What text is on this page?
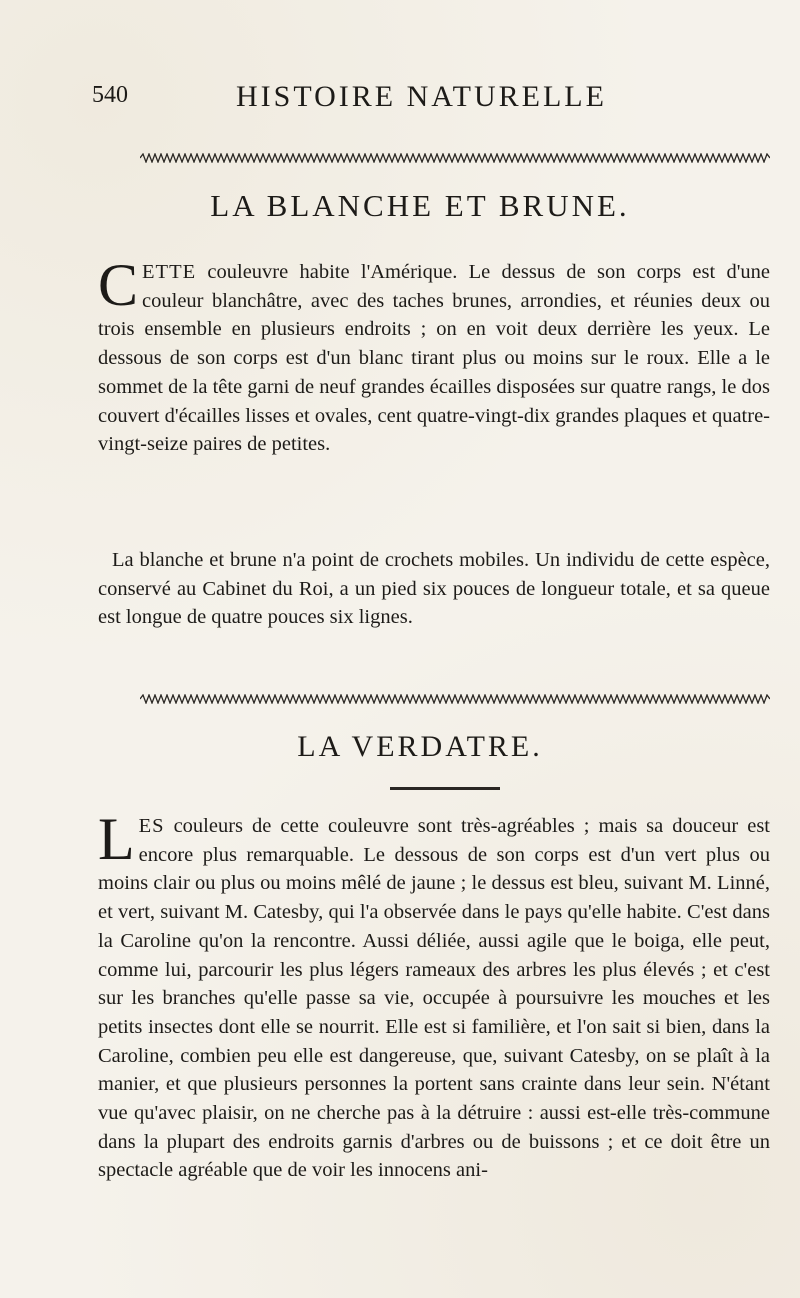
540	HISTOIRE NATURELLE
LA BLANCHE ET BRUNE.

CETTE couleuvre habite l'Amérique. Le dessus de son corps est d'une couleur blanchâtre, avec des taches brunes, arrondies, et réunies deux ou trois ensemble en plusieurs endroits ; on en voit deux derrière les yeux. Le dessous de son corps est d'un blanc tirant plus ou moins sur le roux. Elle a le sommet de la tête garni de neuf grandes écailles disposées sur quatre rangs, le dos couvert d'écailles lisses et ovales, cent quatre-vingt-dix grandes plaques et quatre-vingt-seize paires de petites.

La blanche et brune n'a point de crochets mobiles. Un individu de cette espèce, conservé au Cabinet du Roi, a un pied six pouces de longueur totale, et sa queue est longue de quatre pouces six lignes.

LA VERDATRE.

LES couleurs de cette couleuvre sont très-agréables ; mais sa douceur est encore plus remarquable. Le dessous de son corps est d'un vert plus ou moins clair ou plus ou moins mêlé de jaune ; le dessus est bleu, suivant M. Linné, et vert, suivant M. Catesby, qui l'a observée dans le pays qu'elle habite. C'est dans la Caroline qu'on la rencontre. Aussi déliée, aussi agile que le boiga, elle peut, comme lui, parcourir les plus légers rameaux des arbres les plus élevés ; et c'est sur les branches qu'elle passe sa vie, occupée à poursuivre les mouches et les petits insectes dont elle se nourrit. Elle est si familière, et l'on sait si bien, dans la Caroline, combien peu elle est dangereuse, que, suivant Catesby, on se plaît à la manier, et que plusieurs personnes la portent sans crainte dans leur sein. N'étant vue qu'avec plaisir, on ne cherche pas à la détruire : aussi est-elle très-commune dans la plupart des endroits garnis d'arbres ou de buissons ; et ce doit être un spectacle agréable que de voir les innocens ani-
